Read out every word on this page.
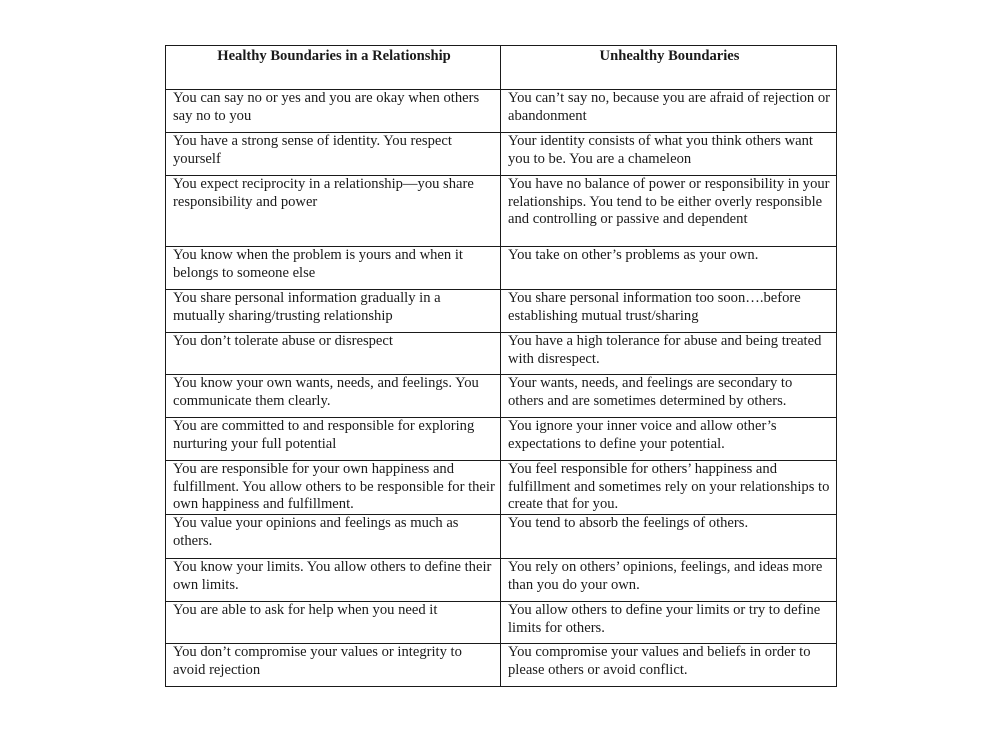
Healthy Boundaries in a Relationship	Unhealthy Boundaries
You can say no or yes and you are okay when others say no to you	You can’t say no, because you are afraid of rejection or abandonment
You have a strong sense of identity. You respect yourself	Your identity consists of what you think others want you to be. You are a chameleon
You expect reciprocity in a relationship—you share responsibility and power	You have no balance of power or responsibility in your relationships. You tend to be either overly responsible and controlling or passive and dependent
You know when the problem is yours and when it belongs to someone else	You take on other’s problems as your own.
You share personal information gradually in a mutually sharing/trusting relationship	You share personal information too soon….before establishing mutual trust/sharing
You don’t tolerate abuse or disrespect	You have a high tolerance for abuse and being treated with disrespect.
You know your own wants, needs, and feelings. You communicate them clearly.	Your wants, needs, and feelings are secondary to others and are sometimes determined by others.
You are committed to and responsible for exploring nurturing your full potential	You ignore your inner voice and allow other’s expectations to define your potential.
You are responsible for your own happiness and fulfillment. You allow others to be responsible for their own happiness and fulfillment.	You feel responsible for others’ happiness and fulfillment and sometimes rely on your relationships to create that for you.
You value your opinions and feelings as much as others.	You tend to absorb the feelings of others.
You know your limits. You allow others to define their own limits.	You rely on others’ opinions, feelings, and ideas more than you do your own.
You are able to ask for help when you need it	You allow others to define your limits or try to define limits for others.
You don’t compromise your values or integrity to avoid rejection	You compromise your values and beliefs in order to please others or avoid conflict.
